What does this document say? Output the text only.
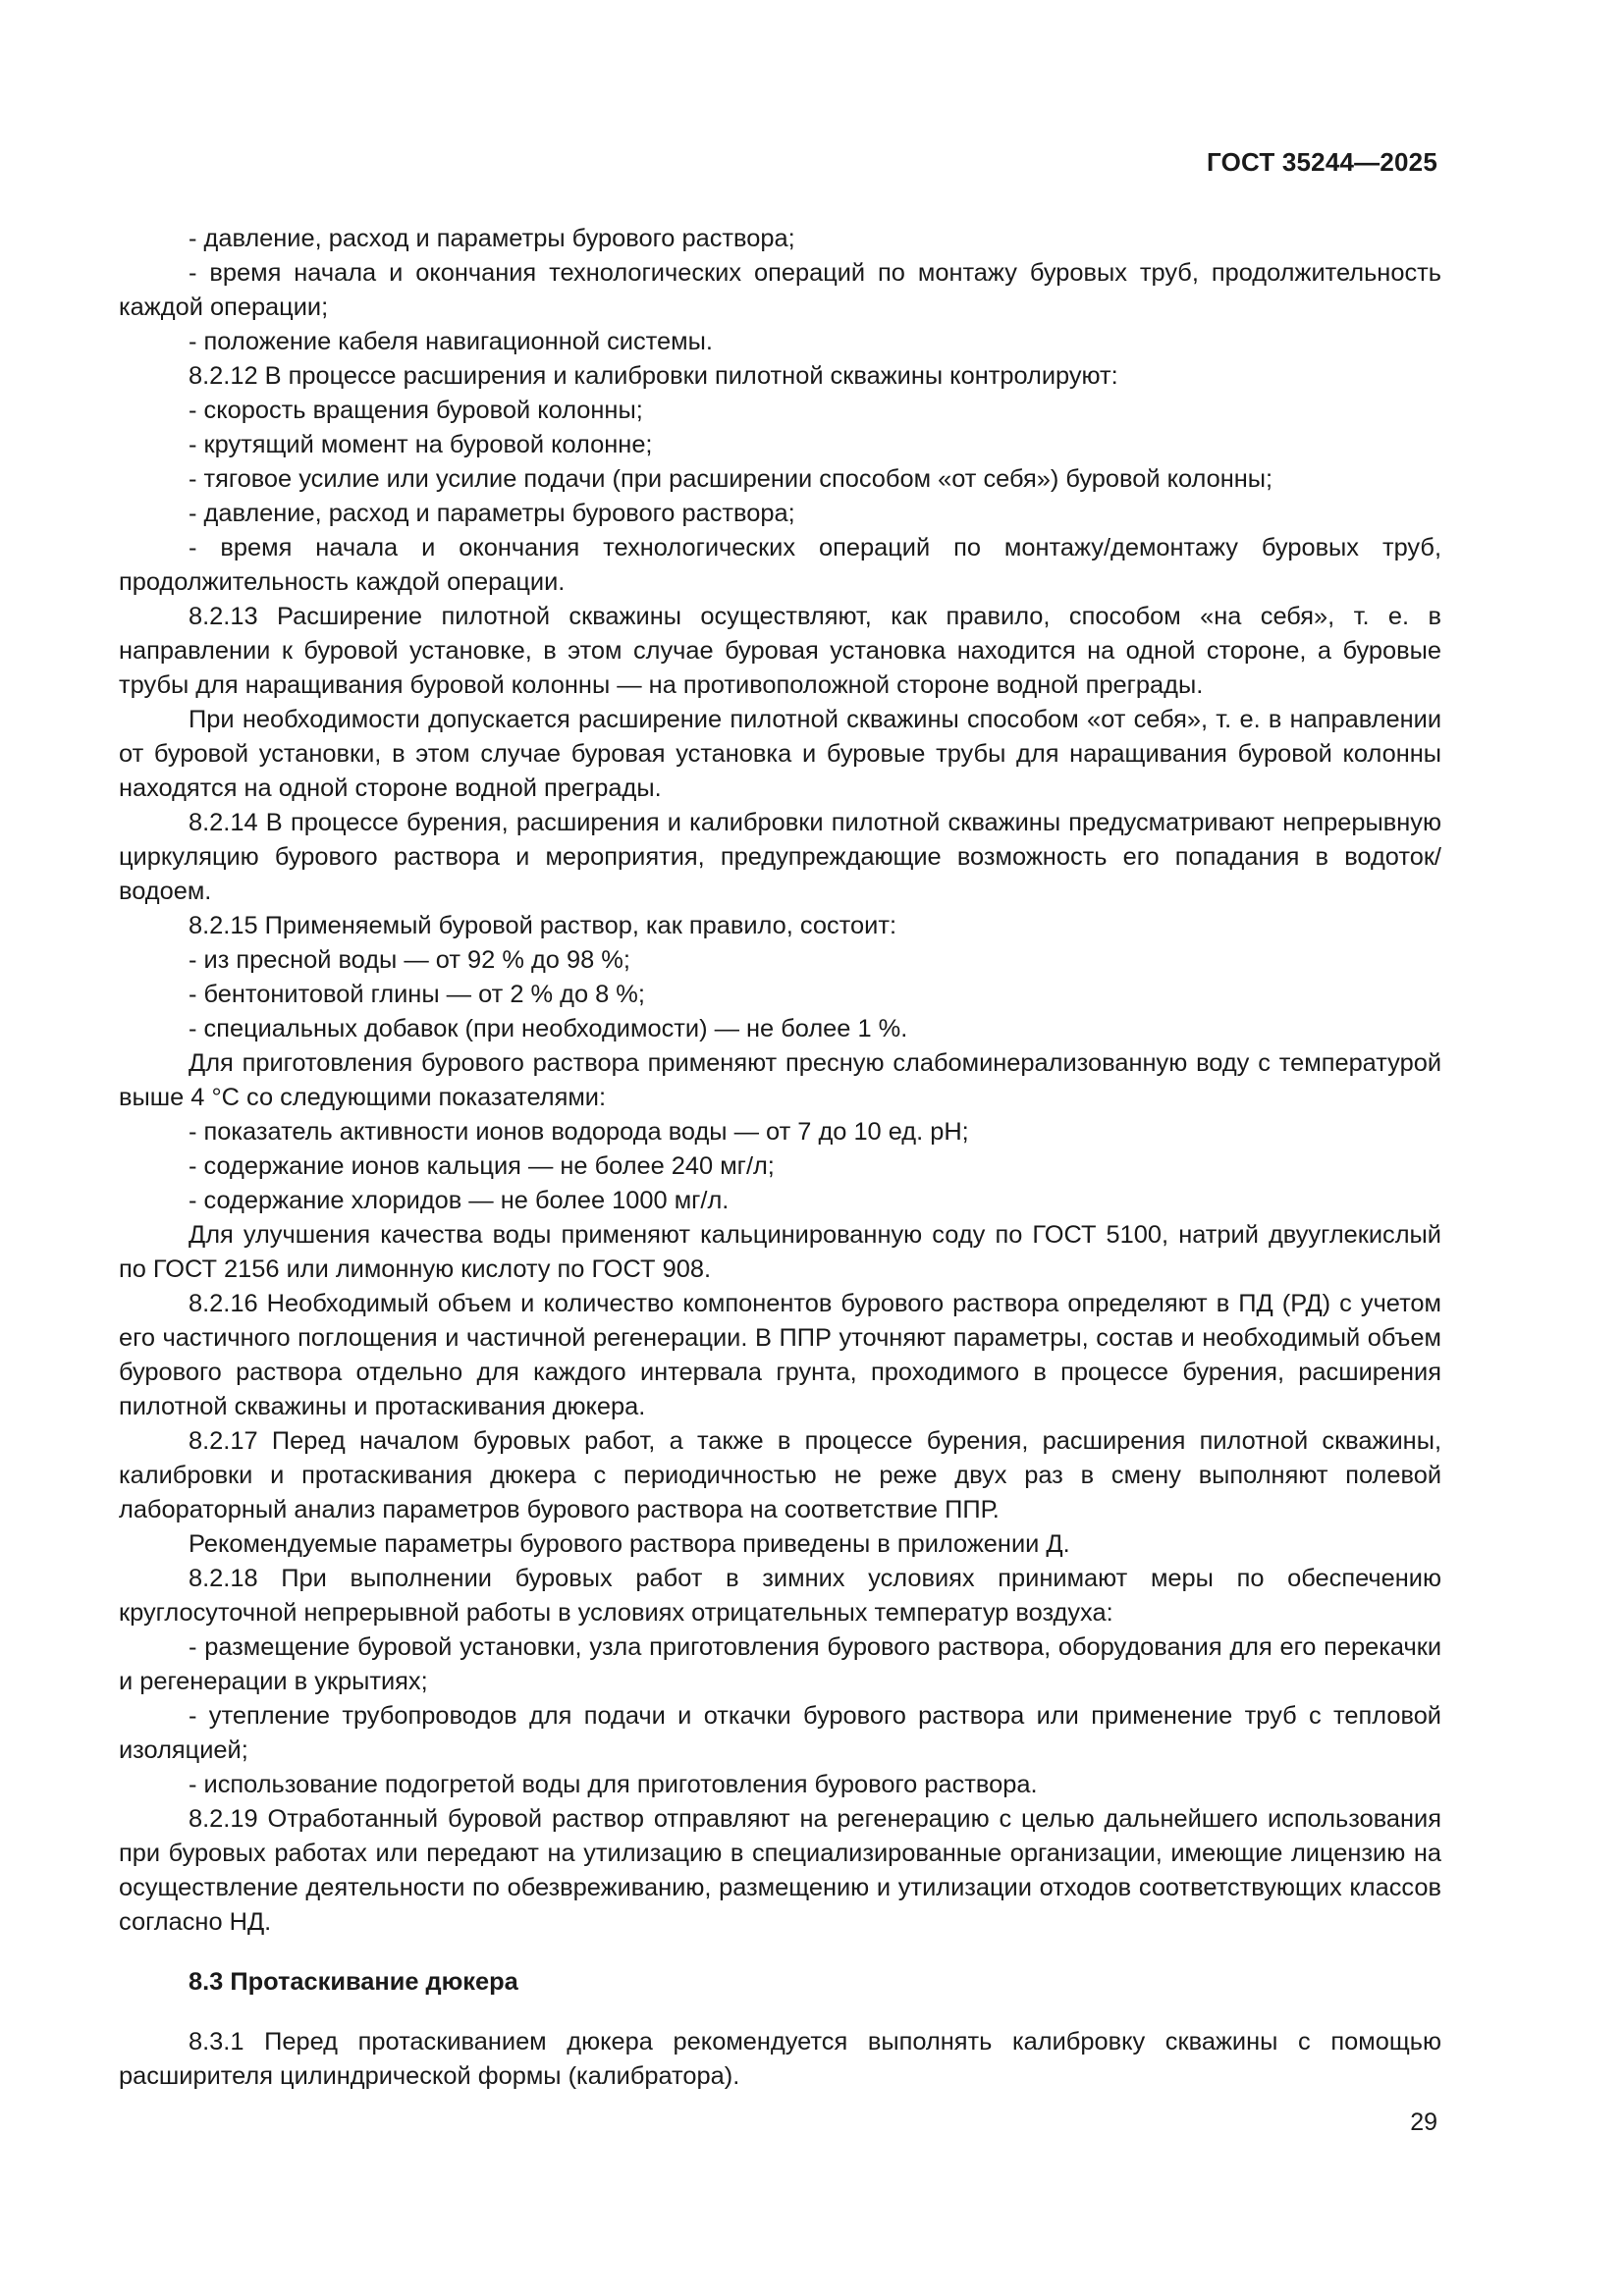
ГОСТ 35244—2025

- давление, расход и параметры бурового раствора;

- время начала и окончания технологических операций по монтажу буровых труб, продолжительность каждой операции;

- положение кабеля навигационной системы.

8.2.12 В процессе расширения и калибровки пилотной скважины контролируют:

- скорость вращения буровой колонны;

- крутящий момент на буровой колонне;

- тяговое усилие или усилие подачи (при расширении способом «от себя») буровой колонны;

- давление, расход и параметры бурового раствора;

- время начала и окончания технологических операций по монтажу/демонтажу буровых труб, продолжительность каждой операции.

8.2.13 Расширение пилотной скважины осуществляют, как правило, способом «на себя», т. е. в направлении к буровой установке, в этом случае буровая установка находится на одной стороне, а буровые трубы для наращивания буровой колонны — на противоположной стороне водной преграды.

При необходимости допускается расширение пилотной скважины способом «от себя», т. е. в направлении от буровой установки, в этом случае буровая установка и буровые трубы для наращивания буровой колонны находятся на одной стороне водной преграды.

8.2.14 В процессе бурения, расширения и калибровки пилотной скважины предусматривают непрерывную циркуляцию бурового раствора и мероприятия, предупреждающие возможность его попадания в водоток/водоем.

8.2.15 Применяемый буровой раствор, как правило, состоит:

- из пресной воды — от 92 % до 98 %;

- бентонитовой глины — от 2 % до 8 %;

- специальных добавок (при необходимости) — не более 1 %.

Для приготовления бурового раствора применяют пресную слабоминерализованную воду с температурой выше 4 °С со следующими показателями:

- показатель активности ионов водорода воды — от 7 до 10 ед. рН;

- содержание ионов кальция — не более 240 мг/л;

- содержание хлоридов — не более 1000 мг/л.

Для улучшения качества воды применяют кальцинированную соду по ГОСТ 5100, натрий двууглекислый по ГОСТ 2156 или лимонную кислоту по ГОСТ 908.

8.2.16 Необходимый объем и количество компонентов бурового раствора определяют в ПД (РД) с учетом его частичного поглощения и частичной регенерации. В ППР уточняют параметры, состав и необходимый объем бурового раствора отдельно для каждого интервала грунта, проходимого в процессе бурения, расширения пилотной скважины и протаскивания дюкера.

8.2.17 Перед началом буровых работ, а также в процессе бурения, расширения пилотной скважины, калибровки и протаскивания дюкера с периодичностью не реже двух раз в смену выполняют полевой лабораторный анализ параметров бурового раствора на соответствие ППР.

Рекомендуемые параметры бурового раствора приведены в приложении Д.

8.2.18 При выполнении буровых работ в зимних условиях принимают меры по обеспечению круглосуточной непрерывной работы в условиях отрицательных температур воздуха:

- размещение буровой установки, узла приготовления бурового раствора, оборудования для его перекачки и регенерации в укрытиях;

- утепление трубопроводов для подачи и откачки бурового раствора или применение труб с тепловой изоляцией;

- использование подогретой воды для приготовления бурового раствора.

8.2.19 Отработанный буровой раствор отправляют на регенерацию с целью дальнейшего использования при буровых работах или передают на утилизацию в специализированные организации, имеющие лицензию на осуществление деятельности по обезвреживанию, размещению и утилизации отходов соответствующих классов согласно НД.

8.3 Протаскивание дюкера

8.3.1 Перед протаскиванием дюкера рекомендуется выполнять калибровку скважины с помощью расширителя цилиндрической формы (калибратора).

29
